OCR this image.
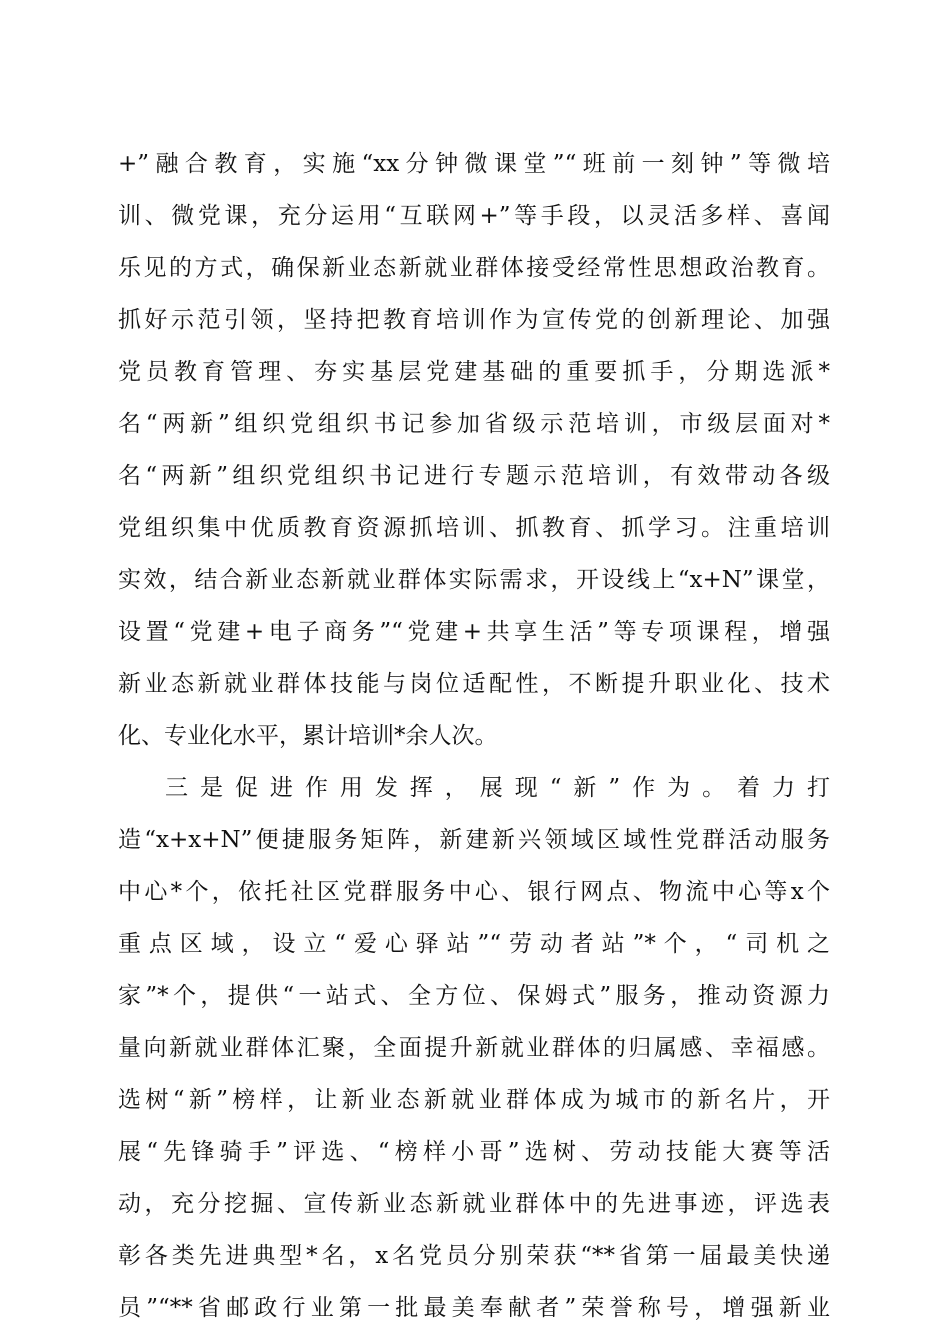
+”融合教育，实施“xx分钟微课堂”“班前一刻钟”等微培
训、微党课，充分运用“互联网+”等手段，以灵活多样、喜闻
乐见的方式，确保新业态新就业群体接受经常性思想政治教育。
抓好示范引领，坚持把教育培训作为宣传党的创新理论、加强
党员教育管理、夯实基层党建基础的重要抓手，分期选派*
名“两新”组织党组织书记参加省级示范培训，市级层面对*
名“两新”组织党组织书记进行专题示范培训，有效带动各级
党组织集中优质教育资源抓培训、抓教育、抓学习。注重培训
实效，结合新业态新就业群体实际需求，开设线上“x+N”课堂，
设置“党建+电子商务”“党建+共享生活”等专项课程，增强
新业态新就业群体技能与岗位适配性，不断提升职业化、技术
化、专业化水平，累计培训*余人次。
三是促进作用发挥，展现“新”作为。着力打
造“x+x+N”便捷服务矩阵，新建新兴领域区域性党群活动服务
中心*个，依托社区党群服务中心、银行网点、物流中心等x个
重点区域，设立“爱心驿站”“劳动者站”*个，“司机之
家”*个，提供“一站式、全方位、保姆式”服务，推动资源力
量向新就业群体汇聚，全面提升新就业群体的归属感、幸福感。
选树“新”榜样，让新业态新就业群体成为城市的新名片，开
展“先锋骑手”评选、“榜样小哥”选树、劳动技能大赛等活
动，充分挖掘、宣传新业态新就业群体中的先进事迹，评选表
彰各类先进典型*名，x名党员分别荣获“**省第一届最美快递
员”“**省邮政行业第一批最美奉献者”荣誉称号，增强新业
